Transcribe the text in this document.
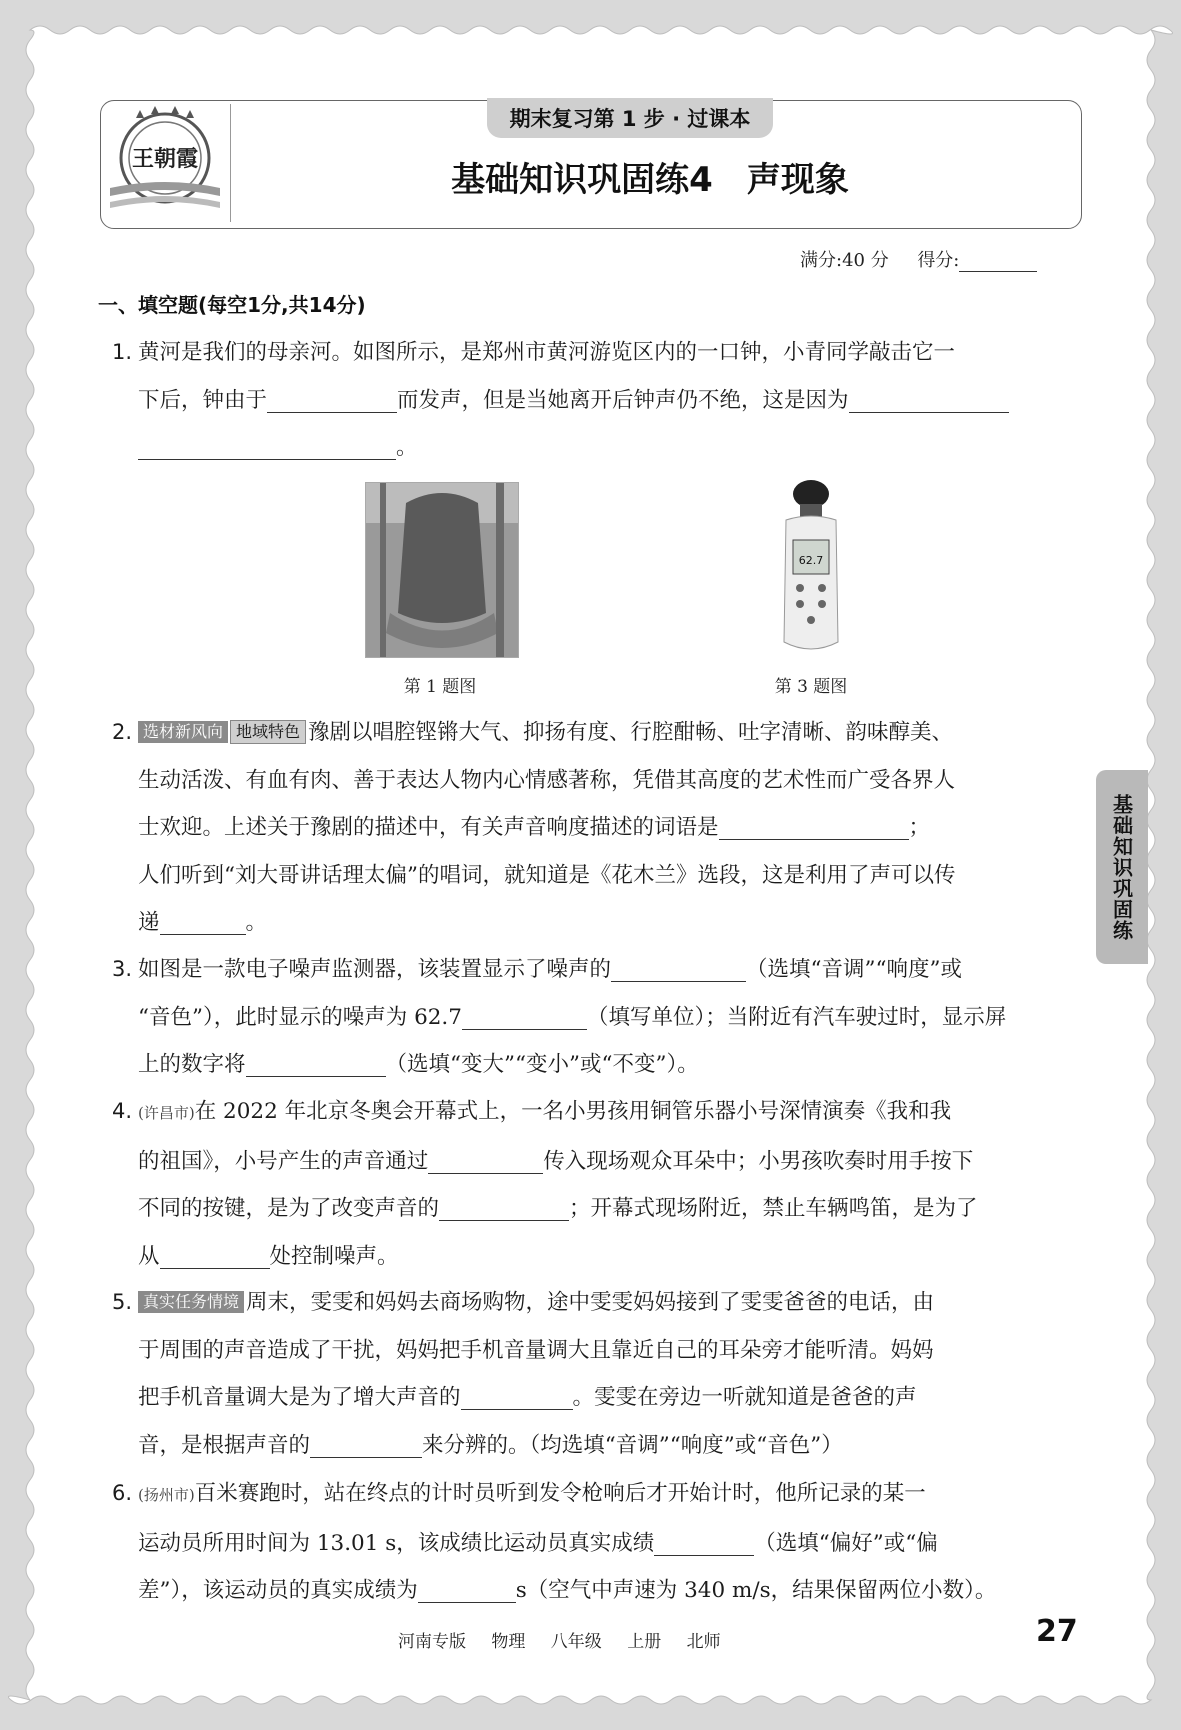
王朝霞
期末复习第 1 步 · 过课本
基础知识巩固练4　声现象
满分:40 分 得分:
一、填空题(每空1分,共14分)
1. 黄河是我们的母亲河。如图所示，是郑州市黄河游览区内的一口钟，小青同学敲击它一
下后，钟由于	而发声，但是当她离开后钟声仍不绝，这是因为
。
62.7
第 1 题图	第 3 题图
2. 选材新风向 地域特色 豫剧以唱腔铿锵大气、抑扬有度、行腔酣畅、吐字清晰、韵味醇美、
生动活泼、有血有肉、善于表达人物内心情感著称，凭借其高度的艺术性而广受各界人
士欢迎。上述关于豫剧的描述中，有关声音响度描述的词语是	；
人们听到“刘大哥讲话理太偏”的唱词，就知道是《花木兰》选段，这是利用了声可以传
递	。
3. 如图是一款电子噪声监测器，该装置显示了噪声的	（选填“音调”“响度”或
“音色”），此时显示的噪声为 62.7	（填写单位）；当附近有汽车驶过时，显示屏
上的数字将	（选填“变大”“变小”或“不变”）。
4. (许昌市)在 2022 年北京冬奥会开幕式上，一名小男孩用铜管乐器小号深情演奏《我和我
的祖国》，小号产生的声音通过	传入现场观众耳朵中；小男孩吹奏时用手按下
不同的按键，是为了改变声音的	；开幕式现场附近，禁止车辆鸣笛，是为了
从	处控制噪声。
5. 真实任务情境 周末，雯雯和妈妈去商场购物，途中雯雯妈妈接到了雯雯爸爸的电话，由
于周围的声音造成了干扰，妈妈把手机音量调大且靠近自己的耳朵旁才能听清。妈妈
把手机音量调大是为了增大声音的	。雯雯在旁边一听就知道是爸爸的声
音，是根据声音的	来分辨的。（均选填“音调”“响度”或“音色”）
6. (扬州市)百米赛跑时，站在终点的计时员听到发令枪响后才开始计时，他所记录的某一
运动员所用时间为 13.01 s，该成绩比运动员真实成绩	（选填“偏好”或“偏
差”），该运动员的真实成绩为	s（空气中声速为 340 m/s，结果保留两位小数）。
基础知识巩固练
河南专版 物理 八年级 上册 北师	27
